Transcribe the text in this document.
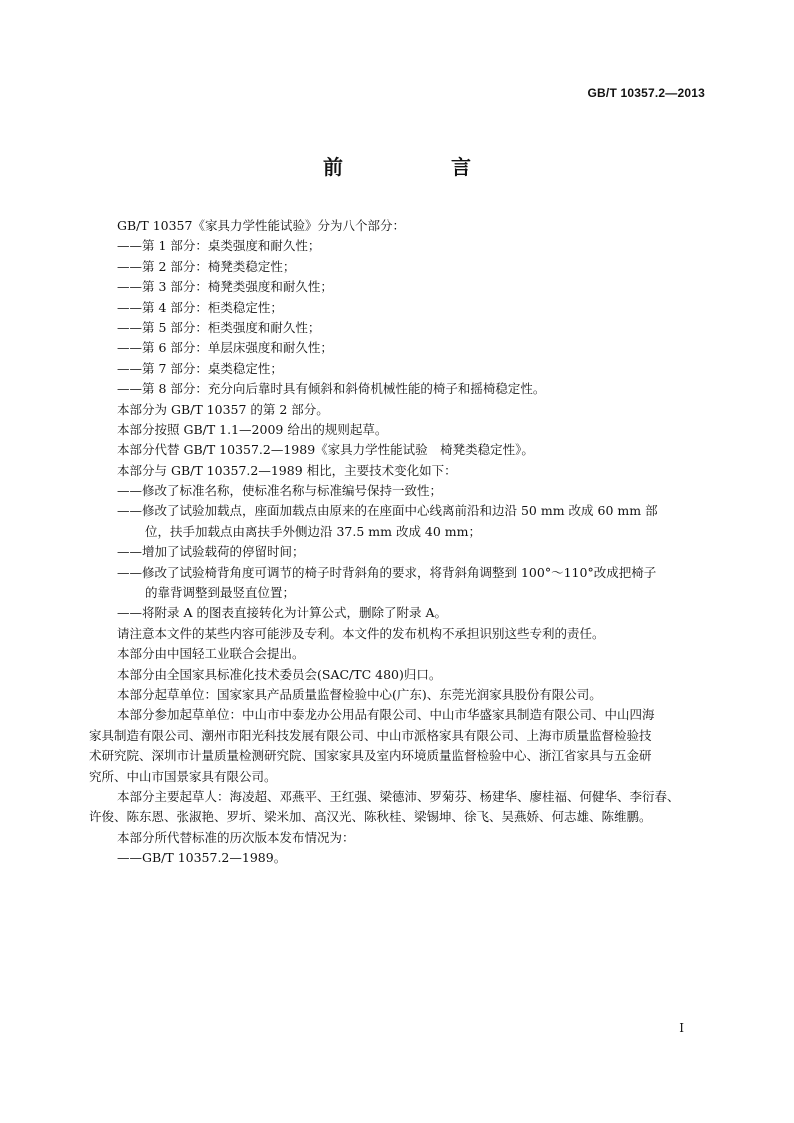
GB/T 10357.2—2013
前　言
GB/T 10357《家具力学性能试验》分为八个部分：
——第 1 部分：桌类强度和耐久性；
——第 2 部分：椅凳类稳定性；
——第 3 部分：椅凳类强度和耐久性；
——第 4 部分：柜类稳定性；
——第 5 部分：柜类强度和耐久性；
——第 6 部分：单层床强度和耐久性；
——第 7 部分：桌类稳定性；
——第 8 部分：充分向后靠时具有倾斜和斜倚机械性能的椅子和摇椅稳定性。
本部分为 GB/T 10357 的第 2 部分。
本部分按照 GB/T 1.1—2009 给出的规则起草。
本部分代替 GB/T 10357.2—1989《家具力学性能试验　椅凳类稳定性》。
本部分与 GB/T 10357.2—1989 相比，主要技术变化如下：
——修改了标准名称，使标准名称与标准编号保持一致性；
——修改了试验加载点，座面加载点由原来的在座面中心线离前沿和边沿 50 mm 改成 60 mm 部
位，扶手加载点由离扶手外侧边沿 37.5 mm 改成 40 mm；
——增加了试验载荷的停留时间；
——修改了试验椅背角度可调节的椅子时背斜角的要求，将背斜角调整到 100°～110°改成把椅子
的靠背调整到最竖直位置；
——将附录 A 的图表直接转化为计算公式，删除了附录 A。
请注意本文件的某些内容可能涉及专利。本文件的发布机构不承担识别这些专利的责任。
本部分由中国轻工业联合会提出。
本部分由全国家具标准化技术委员会(SAC/TC 480)归口。
本部分起草单位：国家家具产品质量监督检验中心(广东)、东莞光润家具股份有限公司。
本部分参加起草单位：中山市中泰龙办公用品有限公司、中山市华盛家具制造有限公司、中山四海
家具制造有限公司、潮州市阳光科技发展有限公司、中山市派格家具有限公司、上海市质量监督检验技
术研究院、深圳市计量质量检测研究院、国家家具及室内环境质量监督检验中心、浙江省家具与五金研
究所、中山市国景家具有限公司。
本部分主要起草人：海凌超、邓燕平、王红强、梁德沛、罗菊芬、杨建华、廖桂福、何健华、李衍春、
许俊、陈东恩、张淑艳、罗圻、梁米加、高汉光、陈秋桂、梁锡坤、徐飞、吴燕娇、何志雄、陈维鹏。
本部分所代替标准的历次版本发布情况为：
——GB/T 10357.2—1989。
I
